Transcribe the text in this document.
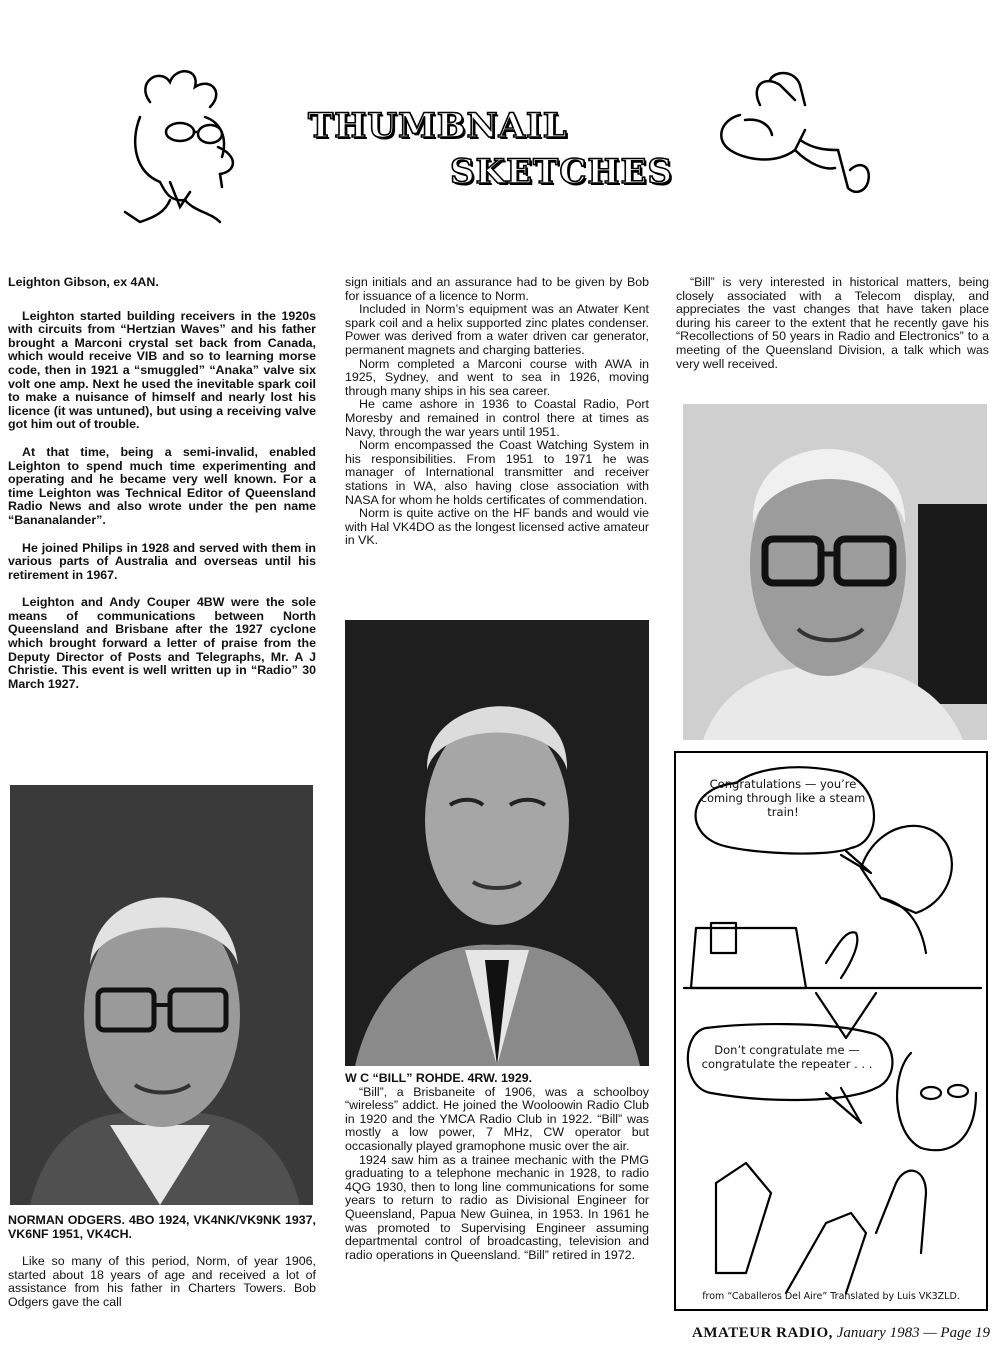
THUMBNAIL
SKETCHES

Leighton Gibson, ex 4AN.

Leighton started building receivers in the 1920s with circuits from “Hertzian Waves” and his father brought a Marconi crystal set back from Canada, which would receive VIB and so to learning morse code, then in 1921 a “smuggled” “Anaka” valve six volt one amp. Next he used the inevitable spark coil to make a nuisance of himself and nearly lost his licence (it was untuned), but using a receiving valve got him out of trouble.

At that time, being a semi-invalid, enabled Leighton to spend much time experimenting and operating and he became very well known. For a time Leighton was Technical Editor of Queensland Radio News and also wrote under the pen name “Bananalander”.

He joined Philips in 1928 and served with them in various parts of Australia and overseas until his retirement in 1967.

Leighton and Andy Couper 4BW were the sole means of communications between North Queensland and Brisbane after the 1927 cyclone which brought forward a letter of praise from the Deputy Director of Posts and Telegraphs, Mr. A J Christie. This event is well written up in “Radio” 30 March 1927.

NORMAN ODGERS. 4BO 1924, VK4NK/VK9NK 1937, VK6NF 1951, VK4CH.

Like so many of this period, Norm, of year 1906, started about 18 years of age and received a lot of assistance from his father in Charters Towers. Bob Odgers gave the call

sign initials and an assurance had to be given by Bob for issuance of a licence to Norm.

Included in Norm’s equipment was an Atwater Kent spark coil and a helix supported zinc plates condenser. Power was derived from a water driven car generator, permanent magnets and charging batteries.

Norm completed a Marconi course with AWA in 1925, Sydney, and went to sea in 1926, moving through many ships in his sea career.

He came ashore in 1936 to Coastal Radio, Port Moresby and remained in control there at times as Navy, through the war years until 1951.

Norm encompassed the Coast Watching System in his responsibilities. From 1951 to 1971 he was manager of International transmitter and receiver stations in WA, also having close association with NASA for whom he holds certificates of commendation.

Norm is quite active on the HF bands and would vie with Hal VK4DO as the longest licensed active amateur in VK.

W C “BILL” ROHDE. 4RW. 1929.

“Bill”, a Brisbaneite of 1906, was a schoolboy “wireless” addict. He joined the Wooloowin Radio Club in 1920 and the YMCA Radio Club in 1922. “Bill” was mostly a low power, 7 MHz, CW operator but occasionally played gramophone music over the air.

1924 saw him as a trainee mechanic with the PMG graduating to a telephone mechanic in 1928, to radio 4QG 1930, then to long line communications for some years to return to radio as Divisional Engineer for Queensland, Papua New Guinea, in 1953. In 1961 he was promoted to Supervising Engineer assuming departmental control of broadcasting, television and radio operations in Queensland. “Bill” retired in 1972.

“Bill” is very interested in historical matters, being closely associated with a Telecom display, and appreciates the vast changes that have taken place during his career to the extent that he recently gave his “Recollections of 50 years in Radio and Electronics” to a meeting of the Queensland Division, a talk which was very well received.

Congratulations — you’re coming through like a steam train!
Don’t congratulate me — congratulate the repeater . . .
from “Caballeros Del Aire” Translated by Luis VK3ZLD.
AMATEUR RADIO, January 1983 — Page 19
